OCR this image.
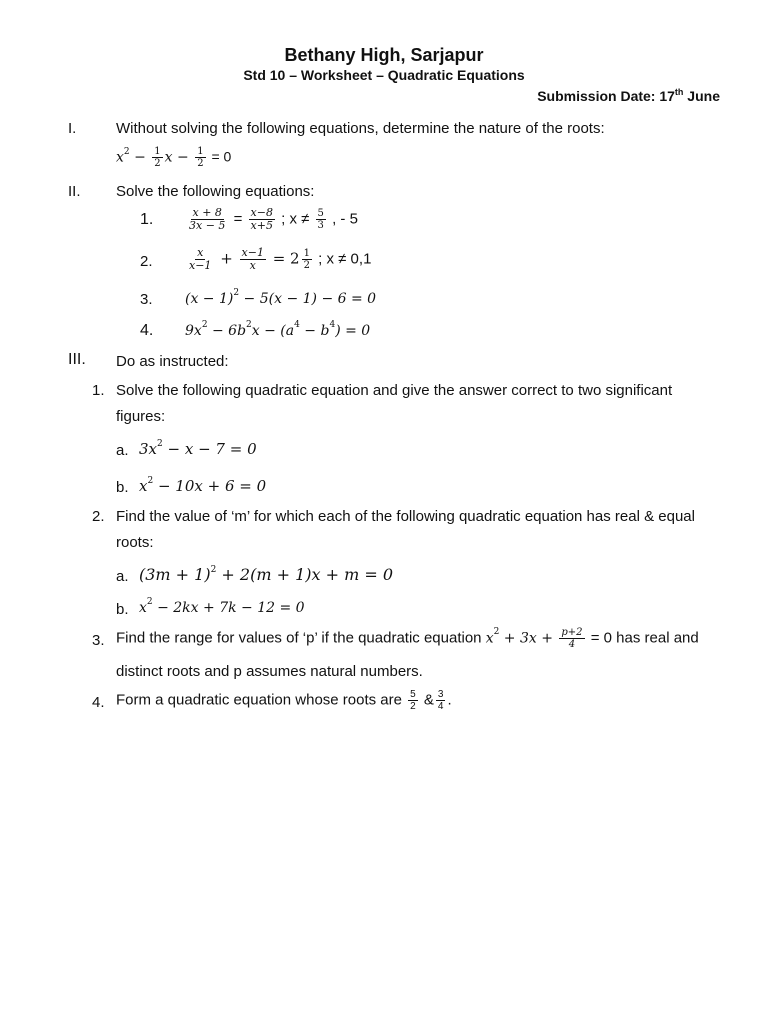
Bethany High, Sarjapur
Std 10 – Worksheet – Quadratic Equations
Submission Date: 17th June
I.	Without solving the following equations, determine the nature of the roots:
$x^2 - \frac{1}{2}$ $x - \frac{1}{2} = 0$
II. Solve the following equations:
1.	$\frac{x + 8}{3x - 5} = \frac{x-8}{x+5}$ ; $x \ne \frac{5}{3}$ , - 5
2.	$\frac{x}{x-1} + \frac{x-1}{x} = 2 \frac{1}{2}$ ; x ≠ 0,1
3. $(x - 1)^2 - 5(x - 1) - 6 = 0$
4. $9x^2 - 6b^2x - (a^4 - b^4) = 0$
III. Do as instructed:
1. Solve the following quadratic equation and give the answer correct to two significant
figures:
a. $3x^2 - x - 7 = 0$
b. $x^2 - 10x + 6 = 0$
2. Find the value of ‘m’ for which each of the following quadratic equation has real & equal
roots:
a. $(3m + 1)^2 + 2(m + 1)x + m = 0$
b. $x^2 - 2kx + 7k - 12 = 0$
3. Find the range for values of ‘p’ if the quadratic equation $x^2 + 3x + \frac{p+2}{4} = 0$ has real and
distinct roots and p assumes natural numbers.
4. Form a quadratic equation whose roots are $\frac{5}{2}$ & $\frac{3}{4}$ .
